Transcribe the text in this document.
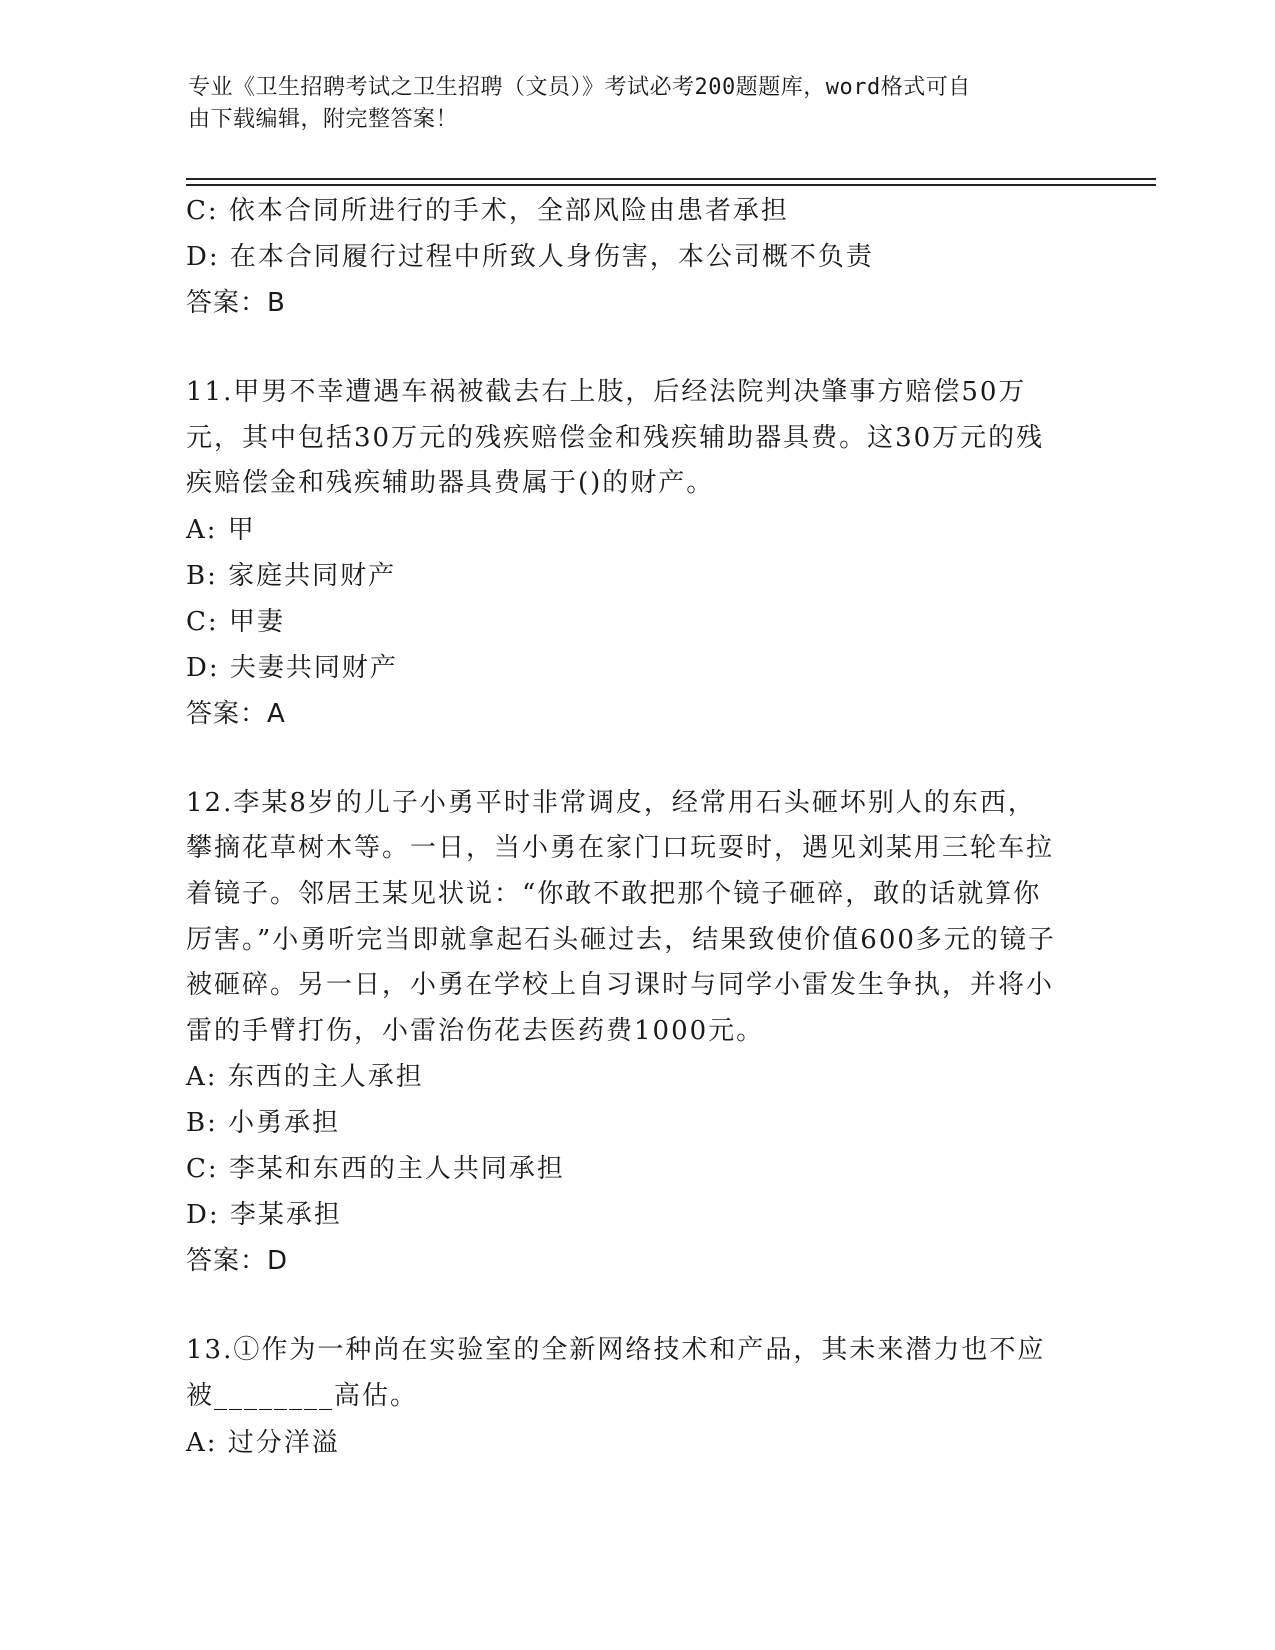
专业《卫生招聘考试之卫生招聘（文员）》考试必考200题题库，word格式可自
由下载编辑，附完整答案！
C: 依本合同所进行的手术，全部风险由患者承担
D: 在本合同履行过程中所致人身伤害，本公司概不负责
答案：B
11.甲男不幸遭遇车祸被截去右上肢，后经法院判决肇事方赔偿50万元，其中包括30万元的残疾赔偿金和残疾辅助器具费。这30万元的残疾赔偿金和残疾辅助器具费属于()的财产。
A: 甲
B: 家庭共同财产
C: 甲妻
D: 夫妻共同财产
答案：A
12.李某8岁的儿子小勇平时非常调皮，经常用石头砸坏别人的东西，攀摘花草树木等。一日，当小勇在家门口玩耍时，遇见刘某用三轮车拉着镜子。邻居王某见状说：“你敢不敢把那个镜子砸碎，敢的话就算你厉害。”小勇听完当即就拿起石头砸过去，结果致使价值600多元的镜子被砸碎。另一日，小勇在学校上自习课时与同学小雷发生争执，并将小雷的手臂打伤，小雷治伤花去医药费1000元。
A: 东西的主人承担
B: 小勇承担
C: 李某和东西的主人共同承担
D: 李某承担
答案：D
13.①作为一种尚在实验室的全新网络技术和产品，其未来潜力也不应被________高估。
A: 过分洋溢
